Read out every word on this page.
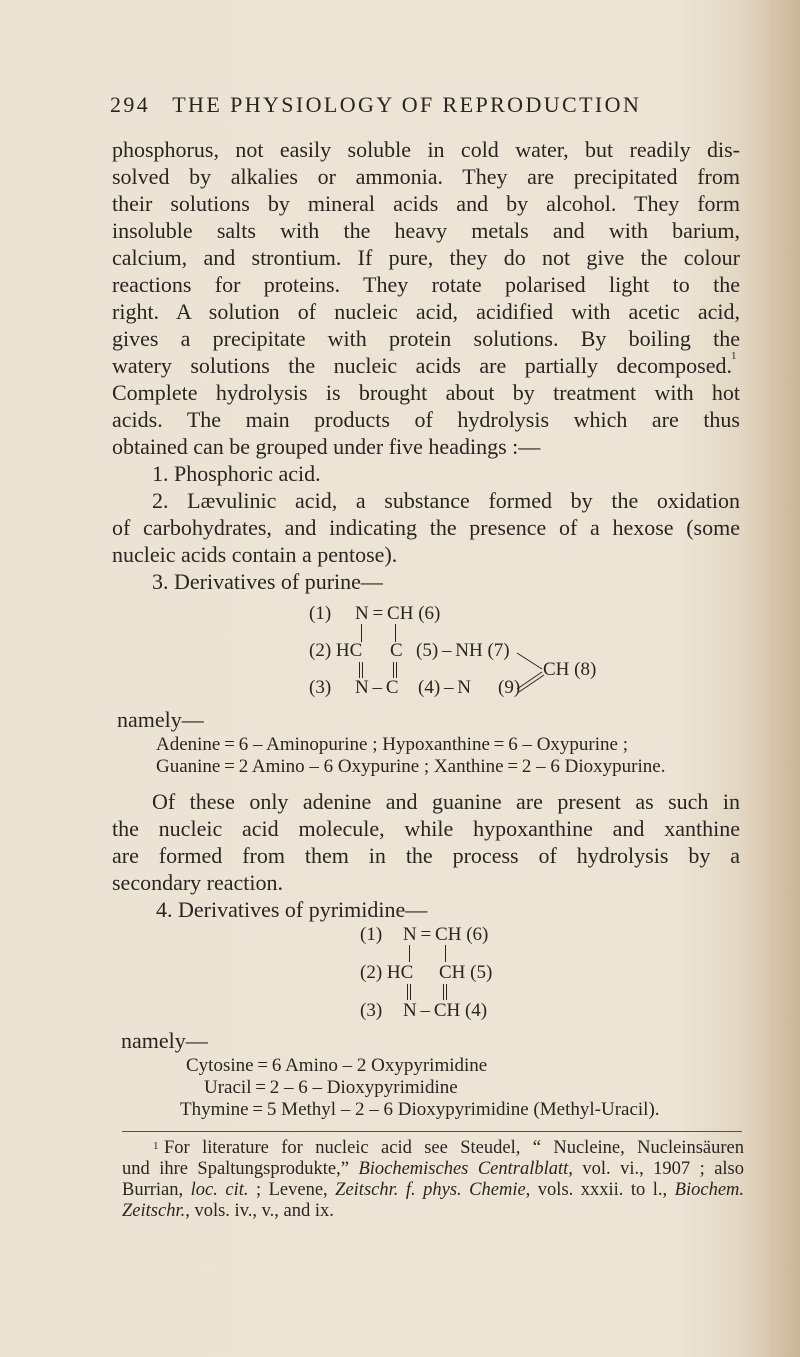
294 THE PHYSIOLOGY OF REPRODUCTION
phosphorus, not easily soluble in cold water, but readily dis-
solved by alkalies or ammonia. They are precipitated from
their solutions by mineral acids and by alcohol. They form
insoluble salts with the heavy metals and with barium,
calcium, and strontium. If pure, they do not give the colour
reactions for proteins. They rotate polarised light to the
right. A solution of nucleic acid, acidified with acetic acid,
gives a precipitate with protein solutions. By boiling the
watery solutions the nucleic acids are partially decomposed. 1
Complete hydrolysis is brought about by treatment with hot
acids. The main products of hydrolysis which are thus
obtained can be grouped under five headings :—
1. Phosphoric acid.
2. Lævulinic acid, a substance formed by the oxidation
of carbohydrates, and indicating the presence of a hexose (some
nucleic acids contain a pentose).
3. Derivatives of purine—
(1) N = CH (6)
(2) HC C (5) – NH (7)
(3) N – C (4) – N (9)
CH (8)
namely—
Adenine = 6 – Aminopurine ; Hypoxanthine = 6 – Oxypurine ;
Guanine = 2 Amino – 6 Oxypurine ; Xanthine = 2 – 6 Dioxypurine.
Of these only adenine and guanine are present as such in
the nucleic acid molecule, while hypoxanthine and xanthine
are formed from them in the process of hydrolysis by a
secondary reaction.
4. Derivatives of pyrimidine—
(1) N = CH (6)
(2) HC CH (5)
(3) N – CH (4)
namely—
Cytosine = 6 Amino – 2 Oxypyrimidine
Uracil = 2 – 6 – Dioxypyrimidine
Thymine = 5 Methyl – 2 – 6 Dioxypyrimidine (Methyl-Uracil).
1 For literature for nucleic acid see Steudel, “ Nucleine, Nucleinsäuren
und ihre Spaltungsprodukte,” Biochemisches Centralblatt, vol. vi., 1907 ; also
Burrian, loc. cit. ; Levene, Zeitschr. f. phys. Chemie, vols. xxxii. to l., Biochem.
Zeitschr., vols. iv., v., and ix.
